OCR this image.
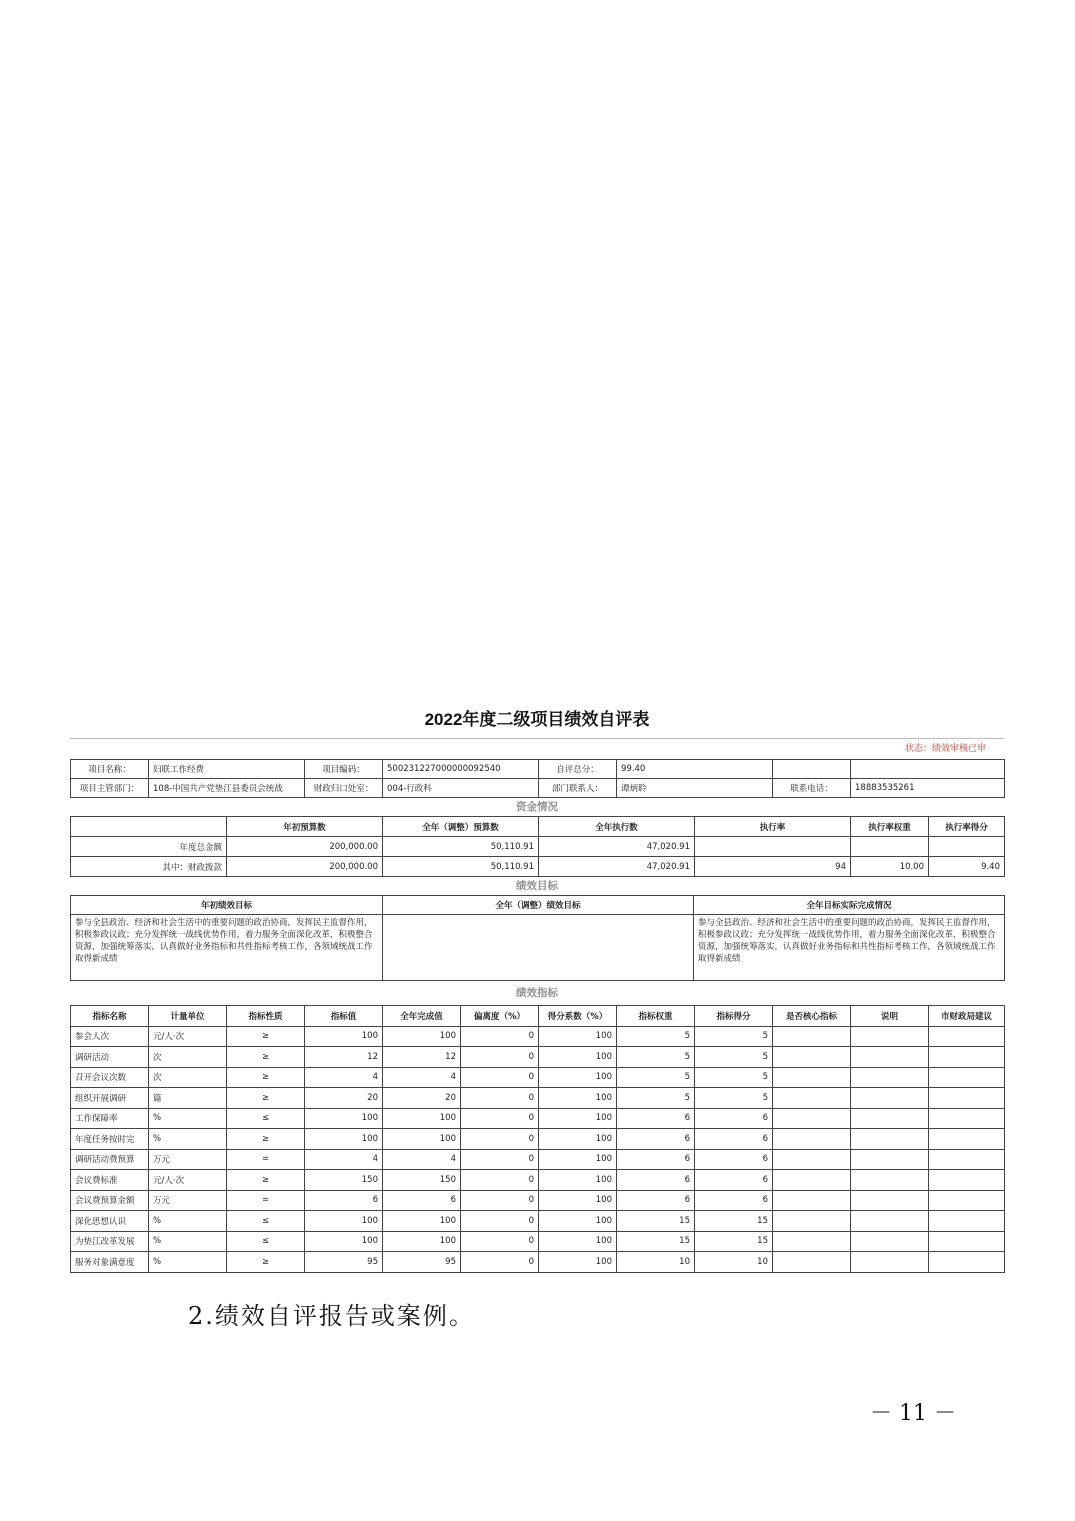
2022年度二级项目绩效自评表
状态：绩效审核已审
项目名称：	妇联工作经费	项目编码：	500231227000000092540	自评总分：	99.40		
项目主管部门：	108-中国共产党垫江县委员会统战	财政归口处室：	004-行政科	部门联系人：	谭炳聆	联系电话：	18883535261
资金情况
	年初预算数	全年（调整）预算数	全年执行数	执行率	执行率权重	执行率得分
年度总金额	200,000.00	50,110.91	47,020.91			
其中：财政拨款	200,000.00	50,110.91	47,020.91	94	10.00	9.40
绩效目标
年初绩效目标	全年（调整）绩效目标	全年目标实际完成情况

参与全县政治、经济和社会生活中的重要问题的政治协商，发挥民主监督作用，积极参政议政；充分发挥统一战线优势作用，着力服务全面深化改革，积极整合资源，加强统筹落实，认真做好业务指标和共性指标考核工作，各领域统战工作取得新成绩		参与全县政治、经济和社会生活中的重要问题的政治协商，发挥民主监督作用，积极参政议政；充分发挥统一战线优势作用，着力服务全面深化改革，积极整合资源，加强统筹落实，认真做好业务指标和共性指标考核工作，各领域统战工作取得新成绩
绩效指标
指标名称	计量单位	指标性质	指标值	全年完成值	偏离度（%）	得分系数（%）	指标权重	指标得分	是否核心指标	说明	市财政局建议
参会人次	元/人·次	≥	100	100	0	100	5	5			
调研活动	次	≥	12	12	0	100	5	5			
召开会议次数	次	≥	4	4	0	100	5	5			
组织开展调研	篇	≥	20	20	0	100	5	5			
工作保障率	%	≤	100	100	0	100	6	6			
年度任务按时完	%	≥	100	100	0	100	6	6			
调研活动费预算	万元	=	4	4	0	100	6	6			
会议费标准	元/人·次	≥	150	150	0	100	6	6			
会议费预算金额	万元	=	6	6	0	100	6	6			
深化思想认识	%	≤	100	100	0	100	15	15			
为垫江改革发展	%	≤	100	100	0	100	15	15			
服务对象满意度	%	≥	95	95	0	100	10	10			
2.绩效自评报告或案例。
－ 11 －
